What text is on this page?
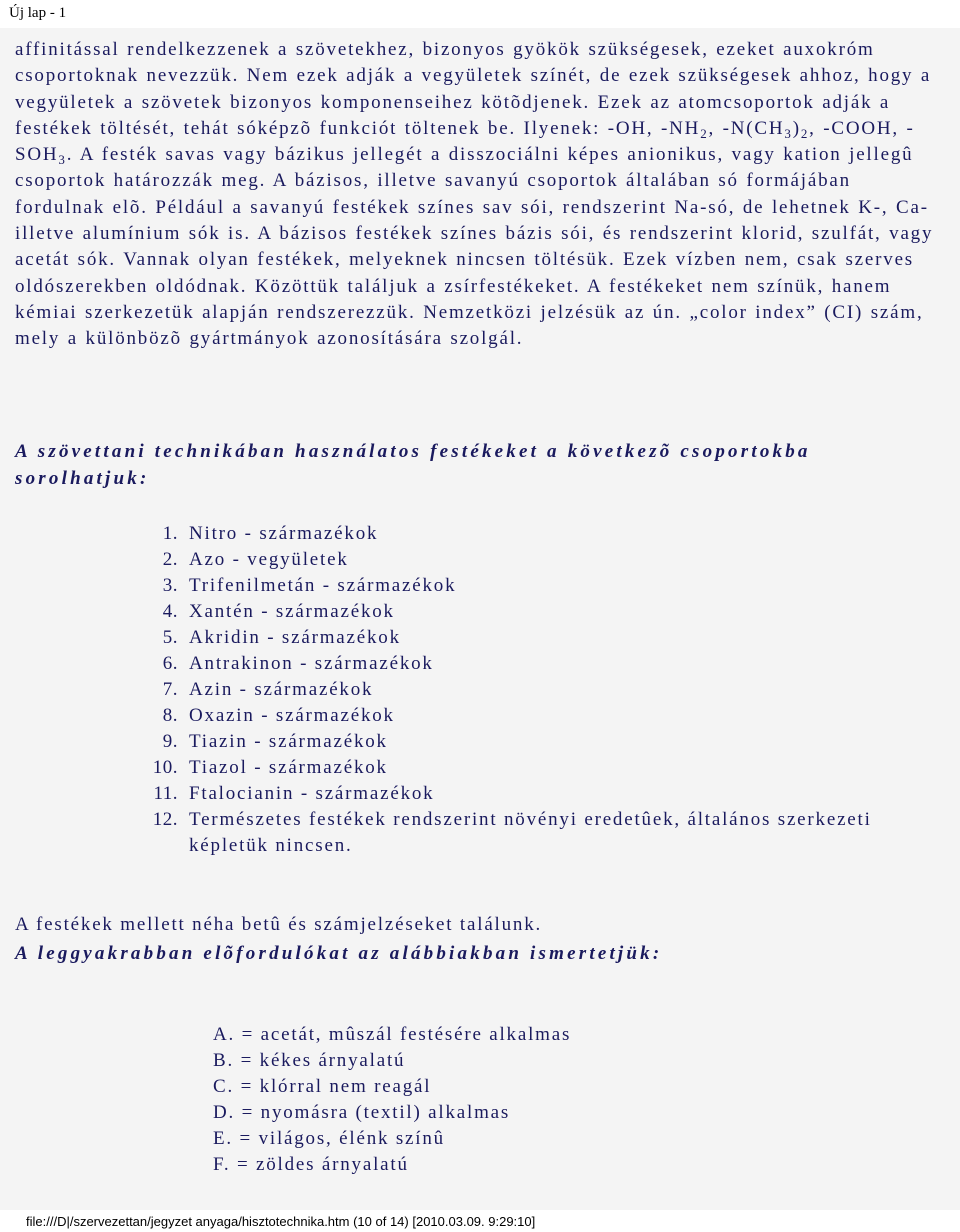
Új lap - 1
affinitással rendelkezzenek a szövetekhez, bizonyos gyökök szükségesek, ezeket auxokróm csoportoknak nevezzük. Nem ezek adják a vegyületek színét, de ezek szükségesek ahhoz, hogy a vegyületek a szövetek bizonyos komponenseihez kötõdjenek. Ezek az atomcsoportok adják a festékek töltését, tehát sóképzõ funkciót töltenek be. Ilyenek: -OH, $-NH_2$, $-N(CH_3)_2$, -COOH, $-SOH_3$. A festék savas vagy bázikus jellegét a disszociálni képes anionikus, vagy kation jellegû csoportok határozzák meg. A bázisos, illetve savanyú csoportok általában só formájában fordulnak elõ. Például a savanyú festékek színes sav sói, rendszerint Na-só, de lehetnek K-, Ca- illetve alumínium sók is. A bázisos festékek színes bázis sói, és rendszerint klorid, szulfát, vagy acetát sók. Vannak olyan festékek, melyeknek nincsen töltésük. Ezek vízben nem, csak szerves oldószerekben oldódnak. Közöttük találjuk a zsírfestékeket. A festékeket nem színük, hanem kémiai szerkezetük alapján rendszerezzük. Nemzetközi jelzésük az ún. „color index” (CI) szám, mely a különbözõ gyártmányok azonosítására szolgál.
A szövettani technikában használatos festékeket a következõ csoportokba sorolhatjuk:
1. Nitro - származékok
2. Azo - vegyületek
3. Trifenilmetán - származékok
4. Xantén - származékok
5. Akridin - származékok
6. Antrakinon - származékok
7. Azin - származékok
8. Oxazin - származékok
9. Tiazin - származékok
10. Tiazol - származékok
11. Ftalocianin - származékok
12. Természetes festékek rendszerint növényi eredetûek, általános szerkezeti képletük nincsen.
A festékek mellett néha betû és számjelzéseket találunk.
A leggyakrabban elõfordulókat az alábbiakban ismertetjük:
A. = acetát, mûszál festésére alkalmas
B. = kékes árnyalatú
C. = klórral nem reagál
D. = nyomásra (textil) alkalmas
E. = világos, élénk színû
F. = zöldes árnyalatú
file:///D|/szervezettan/jegyzet anyaga/hisztotechnika.htm (10 of 14) [2010.03.09. 9:29:10]
